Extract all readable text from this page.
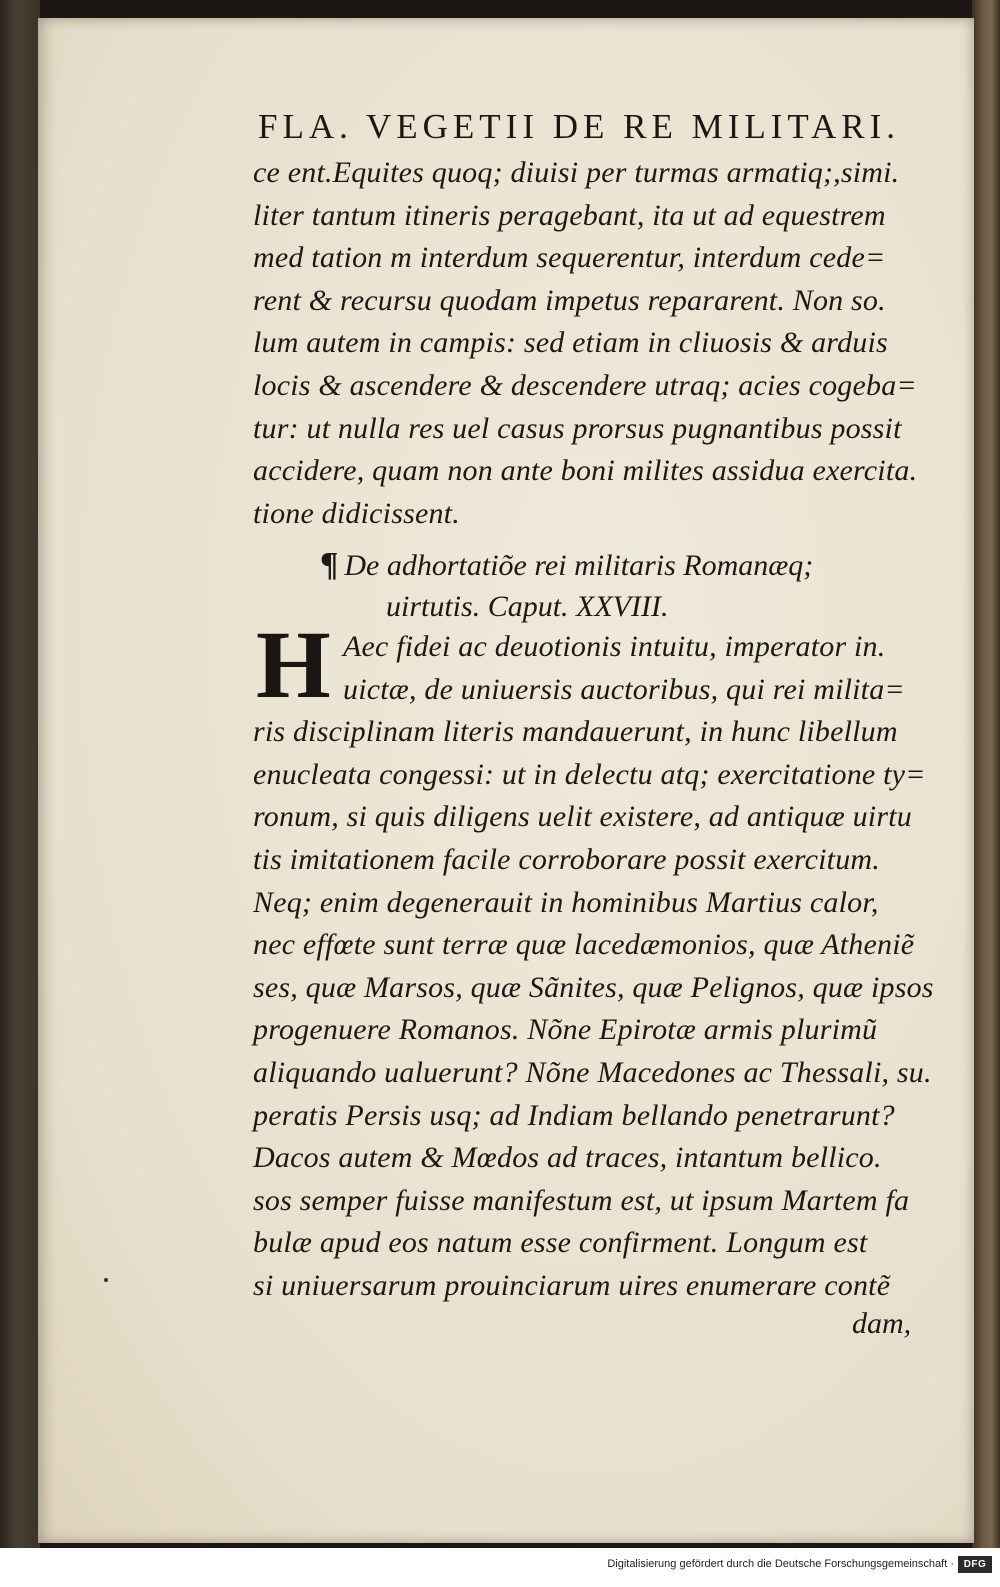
FLA. VEGETII DE RE MILITARI.
ce ent.Equites quoq; diuisi per turmas armatiq;,simi.
liter tantum itineris peragebant, ita ut ad equestrem
med tation m interdum sequerentur, interdum cede=
rent & recursu quodam impetus repararent. Non so.
lum autem in campis: sed etiam in cliuosis & arduis
locis & ascendere & descendere utraq; acies cogeba=
tur: ut nulla res uel casus prorsus pugnantibus possit
accidere, quam non ante boni milites assidua exercita.
tione didicissent.
¶ De adhortatiõe rei militaris Romanæq;
uirtutis. Caput. XXVIII.
H Aec fidei ac deuotionis intuitu, imperator in.
uictæ, de uniuersis auctoribus, qui rei milita=
ris disciplinam literis mandauerunt, in hunc libellum
enucleata congessi: ut in delectu atq; exercitatione ty=
ronum, si quis diligens uelit existere, ad antiquæ uirtu
tis imitationem facile corroborare possit exercitum.
Neq; enim degenerauit in hominibus Martius calor,
nec effœte sunt terræ quæ lacedæmonios, quæ Atheniẽ
ses, quæ Marsos, quæ Sãnites, quæ Pelignos, quæ ipsos
progenuere Romanos. Nõne Epirotæ armis plurimũ
aliquando ualuerunt? Nõne Macedones ac Thessali, su.
peratis Persis usq; ad Indiam bellando penetrarunt?
Dacos autem & Mœdos ad traces, intantum bellico.
sos semper fuisse manifestum est, ut ipsum Martem fa
bulæ apud eos natum esse confirment. Longum est
si uniuersarum prouinciarum uires enumerare contẽ
dam,
Digitalisierung gefördert durch die Deutsche Forschungsgemeinschaft · DFG
